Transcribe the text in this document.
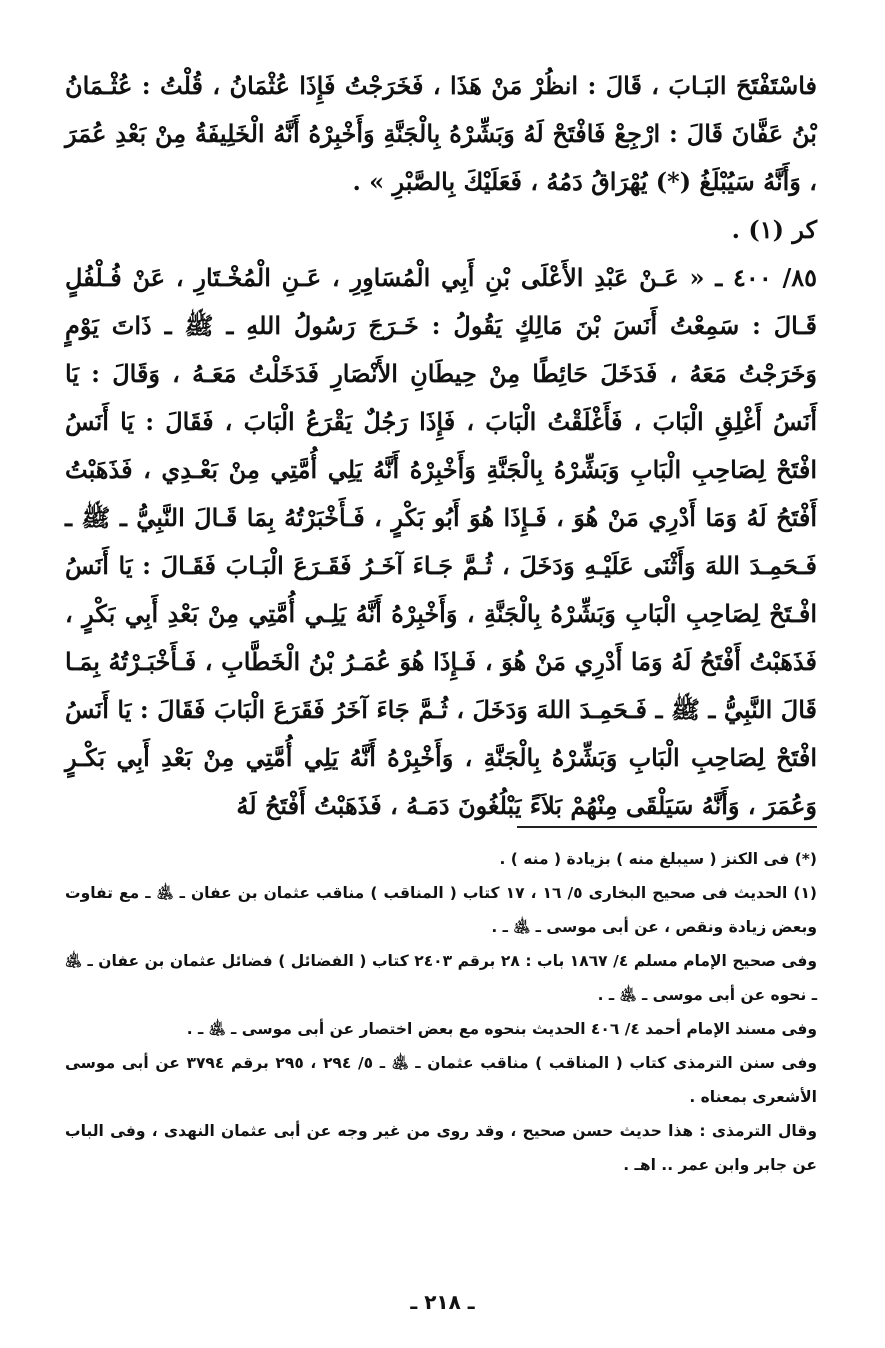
فاسْتَفْتَحَ البَـابَ ، قَالَ : انظُرْ مَنْ هَذَا ، فَخَرَجْتُ فَإِذَا عُثْمَانُ ، قُلْتُ : عُثْـمَانُ بْنُ عَفَّانَ قَالَ : ارْجِعْ فَافْتَحْ لَهُ وَبَشِّرْهُ بِالْجَنَّةِ وَأَخْبِرْهُ أَنَّهُ الْخَلِيفَةُ مِنْ بَعْدِ عُمَرَ ، وَأَنَّهُ سَيُبْلَغُ (*) يُهْرَاقُ دَمُهُ ، فَعَلَيْكَ بِالصَّبْرِ » .

كر (١) .

٨٥/ ٤٠٠ ـ « عَـنْ عَبْدِ الأَعْلَى بْنِ أَبِي الْمُسَاوِرِ ، عَـنِ الْمُخْـتَارِ ، عَنْ فُـلْفُلٍ قَـالَ : سَمِعْتُ أَنَسَ بْنَ مَالِكٍ يَقُولُ : خَـرَجَ رَسُولُ اللهِ ـ ﷺ ـ ذَاتَ يَوْمٍ وَخَرَجْتُ مَعَهُ ، فَدَخَلَ حَائِطًا مِنْ حِيطَانِ الأَنْصَارِ فَدَخَلْتُ مَعَـهُ ، وَقَالَ : يَا أَنَسُ أَغْلِقِ الْبَابَ ، فَأَغْلَقْتُ الْبَابَ ، فَإِذَا رَجُلٌ يَقْرَعُ الْبَابَ ، فَقَالَ : يَا أَنَسُ افْتَحْ لِصَاحِبِ الْبَابِ وَبَشِّرْهُ بِالْجَنَّةِ وَأَخْبِرْهُ أَنَّهُ يَلِي أُمَّتِي مِنْ بَعْـدِي ، فَذَهَبْتُ أَفْتَحُ لَهُ وَمَا أَدْرِي مَنْ هُوَ ، فَـإِذَا هُوَ أَبُو بَكْرٍ ، فَـأَخْبَرْتُهُ بِمَا قَـالَ النَّبِيُّ ـ ﷺ ـ فَـحَمِـدَ اللهَ وَأَثْنَى عَلَيْـهِ وَدَخَلَ ، ثُـمَّ جَـاءَ آخَـرُ فَقَـرَعَ الْبَـابَ فَقَـالَ : يَا أَنَسُ افْـتَحْ لِصَاحِبِ الْبَابِ وَبَشِّرْهُ بِالْجَنَّةِ ، وَأَخْبِرْهُ أَنَّهُ يَلِـي أُمَّتِي مِنْ بَعْدِ أَبِي بَكْرٍ ، فَذَهَبْتُ أَفْتَحُ لَهُ وَمَا أَدْرِي مَنْ هُوَ ، فَـإِذَا هُوَ عُمَـرُ بْنُ الْخَطَّابِ ، فَـأَخْبَـرْتُهُ بِمَـا قَالَ النَّبِيُّ ـ ﷺ ـ فَـحَمِـدَ اللهَ وَدَخَلَ ، ثُـمَّ جَاءَ آخَرُ فَقَرَعَ الْبَابَ فَقَالَ : يَا أَنَسُ افْتَحْ لِصَاحِبِ الْبَابِ وَبَشِّرْهُ بِالْجَنَّةِ ، وَأَخْبِرْهُ أَنَّهُ يَلِي أُمَّتِي مِنْ بَعْدِ أَبِي بَكْـرٍ وَعُمَرَ ، وَأَنَّهُ سَيَلْقَى مِنْهُمْ بَلاَءً يَبْلُغُونَ دَمَـهُ ، فَذَهَبْتُ أَفْتَحُ لَهُ

(*) فى الكنز ( سيبلغ منه ) بزيادة ( منه ) .

(١) الحديث فى صحيح البخارى ٥/ ١٦ ، ١٧ كتاب ( المناقب ) مناقب عثمان بن عفان ـ ﵁ ـ مع تفاوت وبعض زيادة ونقص ، عن أبى موسى ـ ﵁ ـ .

وفى صحيح الإمام مسلم ٤/ ١٨٦٧ باب : ٢٨ برقم ٢٤٠٣ كتاب ( الفضائل ) فضائل عثمان بن عفان ـ ﵁ ـ نحوه عن أبى موسى ـ ﵁ ـ .

وفى مسند الإمام أحمد ٤/ ٤٠٦ الحديث بنحوه مع بعض اختصار عن أبى موسى ـ ﵁ ـ .

وفى سنن الترمذى كتاب ( المناقب ) مناقب عثمان ـ ﵁ ـ ٥/ ٢٩٤ ، ٢٩٥ برقم ٣٧٩٤ عن أبى موسى الأشعرى بمعناه .

وقال الترمذى : هذا حديث حسن صحيح ، وقد روى من غير وجه عن أبى عثمان النهدى ، وفى الباب عن جابر وابن عمر .. اهـ .

ـ ٢١٨ ـ
